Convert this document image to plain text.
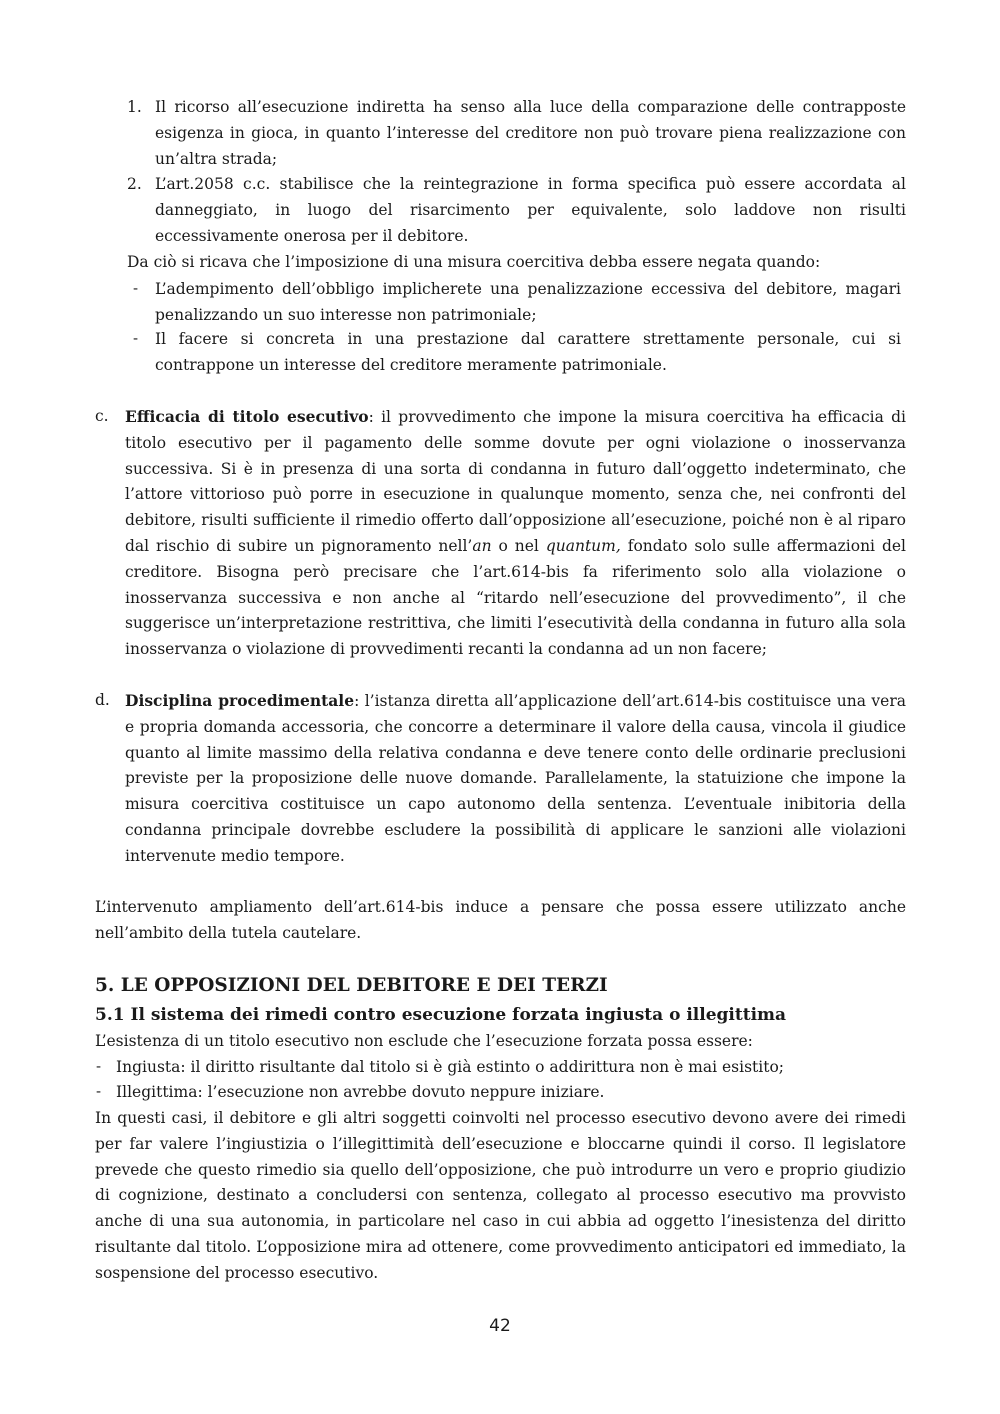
1. Il ricorso all’esecuzione indiretta ha senso alla luce della comparazione delle contrapposte esigenza in gioca, in quanto l’interesse del creditore non può trovare piena realizzazione con un’altra strada;
2. L’art.2058 c.c. stabilisce che la reintegrazione in forma specifica può essere accordata al danneggiato, in luogo del risarcimento per equivalente, solo laddove non risulti eccessivamente onerosa per il debitore.
Da ciò si ricava che l’imposizione di una misura coercitiva debba essere negata quando:
- L’adempimento dell’obbligo implicherete una penalizzazione eccessiva del debitore, magari penalizzando un suo interesse non patrimoniale;
- Il facere si concreta in una prestazione dal carattere strettamente personale, cui si contrappone un interesse del creditore meramente patrimoniale.
c. Efficacia di titolo esecutivo: il provvedimento che impone la misura coercitiva ha efficacia di titolo esecutivo per il pagamento delle somme dovute per ogni violazione o inosservanza successiva. Si è in presenza di una sorta di condanna in futuro dall’oggetto indeterminato, che l’attore vittorioso può porre in esecuzione in qualunque momento, senza che, nei confronti del debitore, risulti sufficiente il rimedio offerto dall’opposizione all’esecuzione, poiché non è al riparo dal rischio di subire un pignoramento nell’an o nel quantum, fondato solo sulle affermazioni del creditore. Bisogna però precisare che l’art.614-bis fa riferimento solo alla violazione o inosservanza successiva e non anche al “ritardo nell’esecuzione del provvedimento”, il che suggerisce un’interpretazione restrittiva, che limiti l’esecutività della condanna in futuro alla sola inosservanza o violazione di provvedimenti recanti la condanna ad un non facere;
d. Disciplina procedimentale: l’istanza diretta all’applicazione dell’art.614-bis costituisce una vera e propria domanda accessoria, che concorre a determinare il valore della causa, vincola il giudice quanto al limite massimo della relativa condanna e deve tenere conto delle ordinarie preclusioni previste per la proposizione delle nuove domande. Parallelamente, la statuizione che impone la misura coercitiva costituisce un capo autonomo della sentenza. L’eventuale inibitoria della condanna principale dovrebbe escludere la possibilità di applicare le sanzioni alle violazioni intervenute medio tempore.
L’intervenuto ampliamento dell’art.614-bis induce a pensare che possa essere utilizzato anche nell’ambito della tutela cautelare.
5. LE OPPOSIZIONI DEL DEBITORE E DEI TERZI
5.1 Il sistema dei rimedi contro esecuzione forzata ingiusta o illegittima
L’esistenza di un titolo esecutivo non esclude che l’esecuzione forzata possa essere:
- Ingiusta: il diritto risultante dal titolo si è già estinto o addirittura non è mai esistito;
- Illegittima: l’esecuzione non avrebbe dovuto neppure iniziare.
In questi casi, il debitore e gli altri soggetti coinvolti nel processo esecutivo devono avere dei rimedi per far valere l’ingiustizia o l’illegittimità dell’esecuzione e bloccarne quindi il corso. Il legislatore prevede che questo rimedio sia quello dell’opposizione, che può introdurre un vero e proprio giudizio di cognizione, destinato a concludersi con sentenza, collegato al processo esecutivo ma provvisto anche di una sua autonomia, in particolare nel caso in cui abbia ad oggetto l’inesistenza del diritto risultante dal titolo. L’opposizione mira ad ottenere, come provvedimento anticipatori ed immediato, la sospensione del processo esecutivo.
42
